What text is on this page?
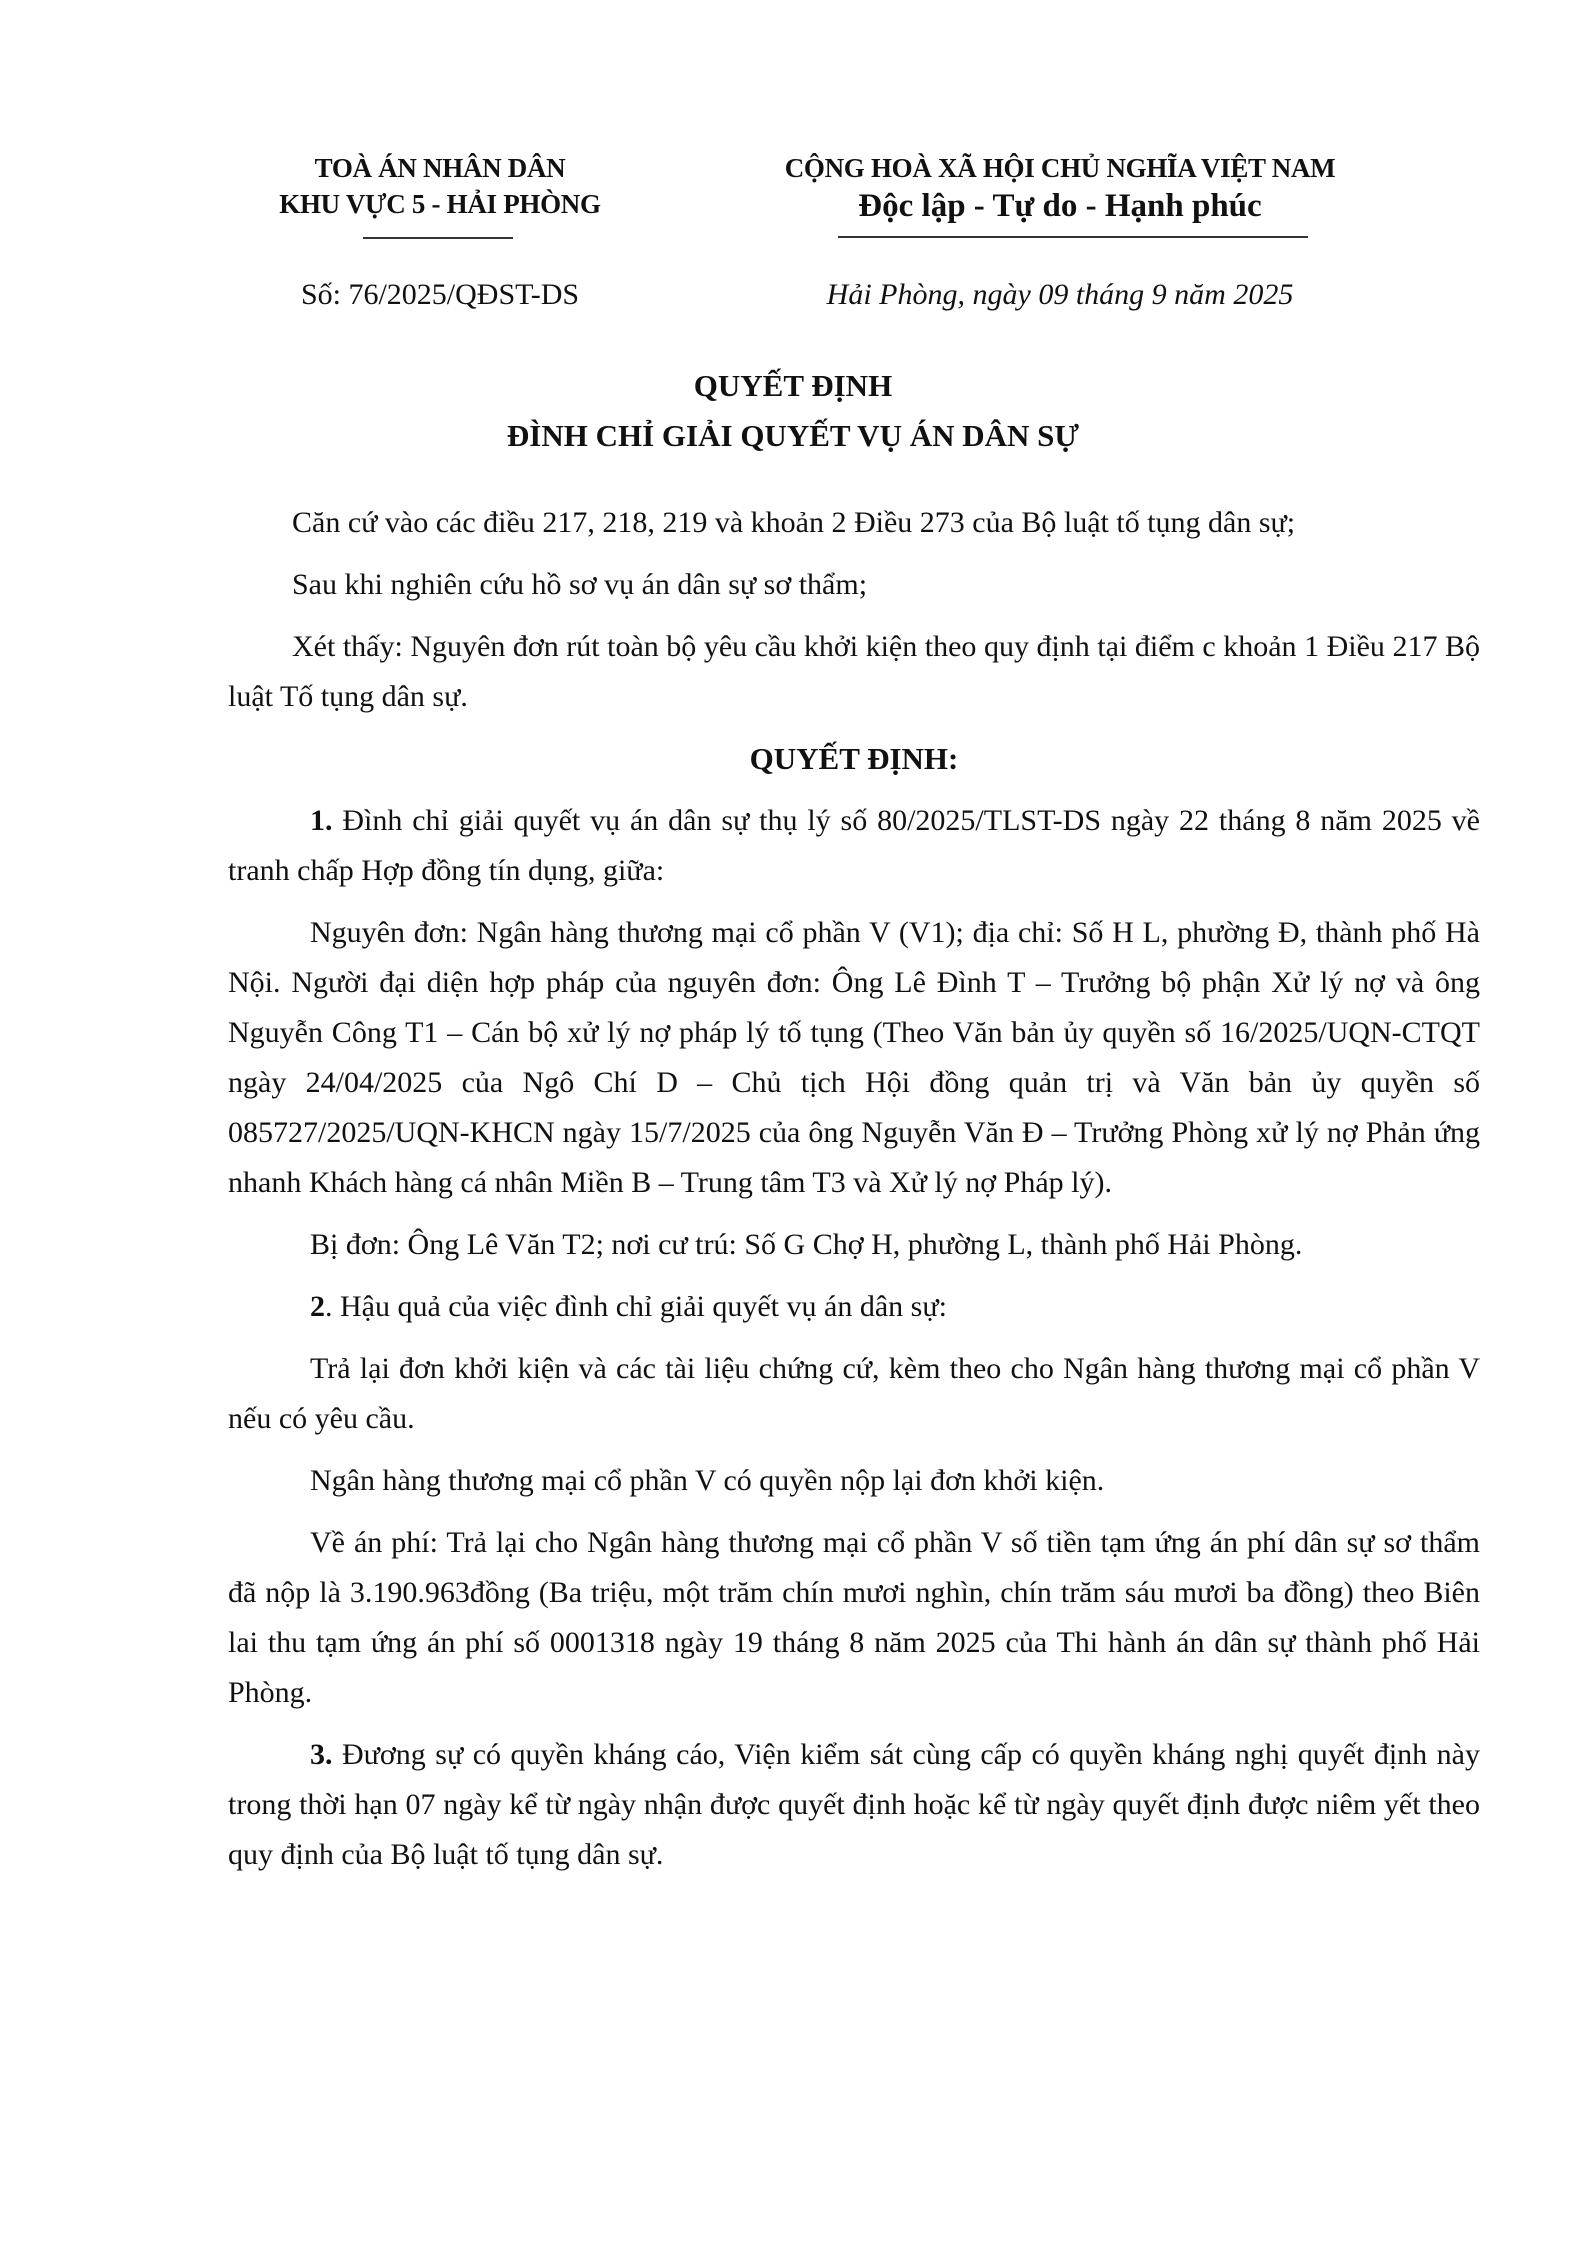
TOÀ ÁN NHÂN DÂN
KHU VỰC 5 - HẢI PHÒNG
CỘNG HOÀ XÃ HỘI CHỦ NGHĨA VIỆT NAM
Độc lập - Tự do - Hạnh phúc
Số: 76/2025/QĐST-DS	Hải Phòng, ngày 09 tháng 9 năm 2025
QUYẾT ĐỊNH
ĐÌNH CHỈ GIẢI QUYẾT VỤ ÁN DÂN SỰ

Căn cứ vào các điều 217, 218, 219 và khoản 2 Điều 273 của Bộ luật tố tụng dân sự;

Sau khi nghiên cứu hồ sơ vụ án dân sự sơ thẩm;

Xét thấy: Nguyên đơn rút toàn bộ yêu cầu khởi kiện theo quy định tại điểm c khoản 1 Điều 217 Bộ luật Tố tụng dân sự.

QUYẾT ĐỊNH:

1. Đình chỉ giải quyết vụ án dân sự thụ lý số 80/2025/TLST-DS ngày 22 tháng 8 năm 2025 về tranh chấp Hợp đồng tín dụng, giữa:

Nguyên đơn: Ngân hàng thương mại cổ phần V (V1); địa chỉ: Số H L, phường Đ, thành phố Hà Nội. Người đại diện hợp pháp của nguyên đơn: Ông Lê Đình T – Trưởng bộ phận Xử lý nợ và ông Nguyễn Công T1 – Cán bộ xử lý nợ pháp lý tố tụng (Theo Văn bản ủy quyền số 16/2025/UQN-CTQT ngày 24/04/2025 của Ngô Chí D – Chủ tịch Hội đồng quản trị và Văn bản ủy quyền số 085727/2025/UQN-KHCN ngày 15/7/2025 của ông Nguyễn Văn Đ – Trưởng Phòng xử lý nợ Phản ứng nhanh Khách hàng cá nhân Miền B – Trung tâm T3 và Xử lý nợ Pháp lý).

Bị đơn: Ông Lê Văn T2; nơi cư trú: Số G Chợ H, phường L, thành phố Hải Phòng.

2. Hậu quả của việc đình chỉ giải quyết vụ án dân sự:

Trả lại đơn khởi kiện và các tài liệu chứng cứ, kèm theo cho Ngân hàng thương mại cổ phần V nếu có yêu cầu.

Ngân hàng thương mại cổ phần V có quyền nộp lại đơn khởi kiện.

Về án phí: Trả lại cho Ngân hàng thương mại cổ phần V số tiền tạm ứng án phí dân sự sơ thẩm đã nộp là 3.190.963đồng (Ba triệu, một trăm chín mươi nghìn, chín trăm sáu mươi ba đồng) theo Biên lai thu tạm ứng án phí số 0001318 ngày 19 tháng 8 năm 2025 của Thi hành án dân sự thành phố Hải Phòng.

3. Đương sự có quyền kháng cáo, Viện kiểm sát cùng cấp có quyền kháng nghị quyết định này trong thời hạn 07 ngày kể từ ngày nhận được quyết định hoặc kể từ ngày quyết định được niêm yết theo quy định của Bộ luật tố tụng dân sự.
